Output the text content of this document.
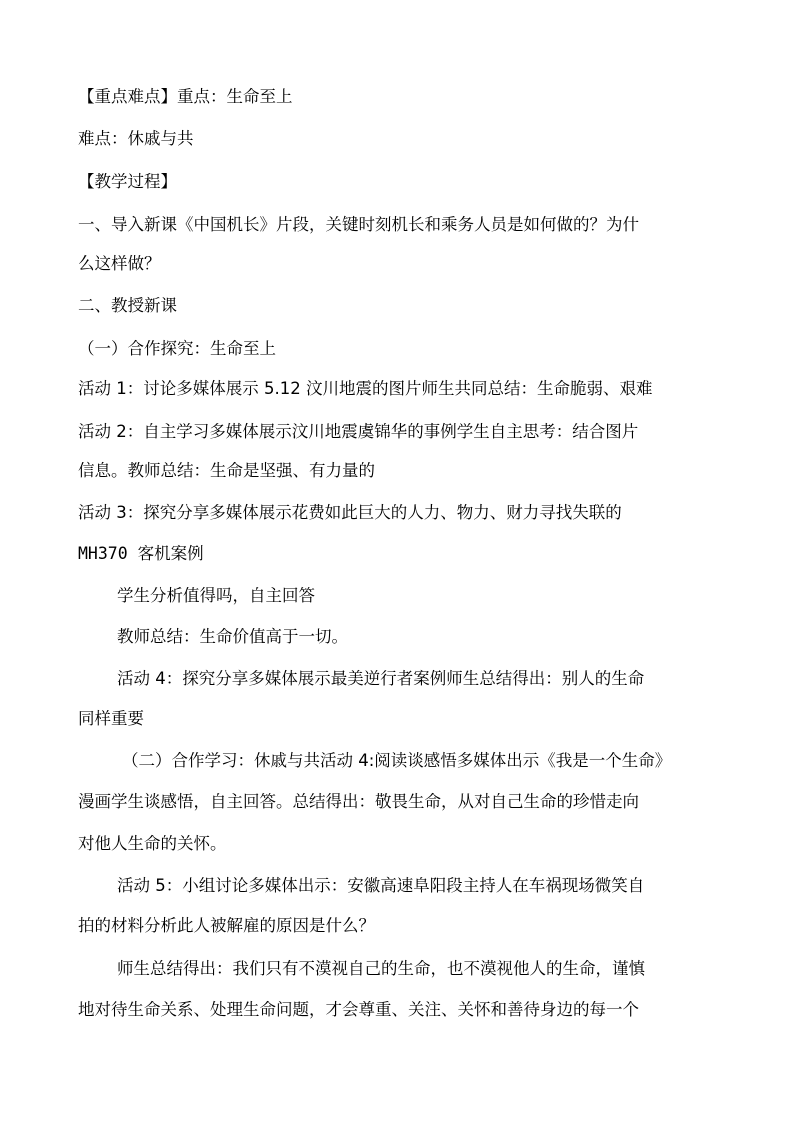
【重点难点】重点：生命至上
难点：休戚与共
【教学过程】
一、导入新课《中国机长》片段，关键时刻机长和乘务人员是如何做的？为什
么这样做？
二、教授新课
（一）合作探究：生命至上
活动 1：讨论多媒体展示 5.12 汶川地震的图片师生共同总结：生命脆弱、艰难
活动 2：自主学习多媒体展示汶川地震虞锦华的事例学生自主思考：结合图片
信息。教师总结：生命是坚强、有力量的
活动 3：探究分享多媒体展示花费如此巨大的人力、物力、财力寻找失联的
MH370 客机案例
学生分析值得吗，自主回答
教师总结：生命价值高于一切。
活动 4：探究分享多媒体展示最美逆行者案例师生总结得出：别人的生命
同样重要
（二）合作学习：休戚与共活动 4:阅读谈感悟多媒体出示《我是一个生命》
漫画学生谈感悟，自主回答。总结得出：敬畏生命，从对自己生命的珍惜走向
对他人生命的关怀。
活动 5：小组讨论多媒体出示：安徽高速阜阳段主持人在车祸现场微笑自
拍的材料分析此人被解雇的原因是什么？
师生总结得出：我们只有不漠视自己的生命，也不漠视他人的生命，谨慎
地对待生命关系、处理生命问题，才会尊重、关注、关怀和善待身边的每一个
